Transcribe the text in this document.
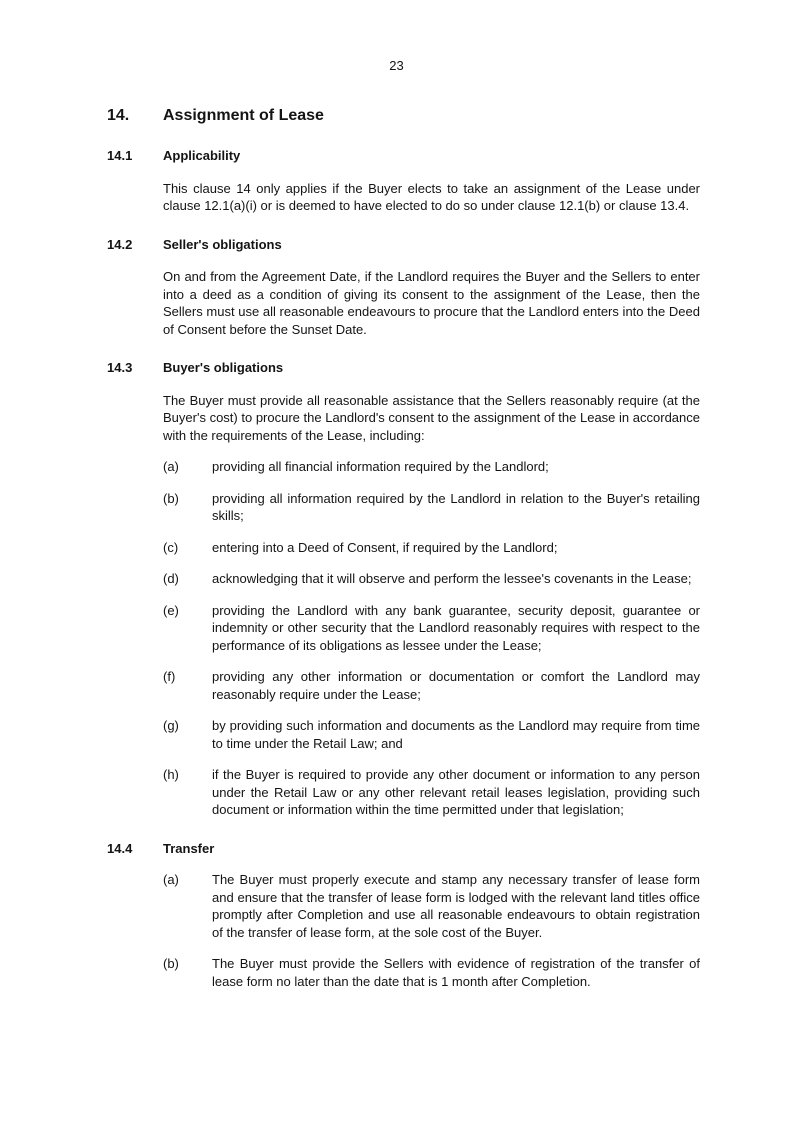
23
14.	Assignment of Lease
14.1	Applicability
This clause 14 only applies if the Buyer elects to take an assignment of the Lease under clause 12.1(a)(i) or is deemed to have elected to do so under clause 12.1(b) or clause 13.4.
14.2	Seller's obligations
On and from the Agreement Date, if the Landlord requires the Buyer and the Sellers to enter into a deed as a condition of giving its consent to the assignment of the Lease, then the Sellers must use all reasonable endeavours to procure that the Landlord enters into the Deed of Consent before the Sunset Date.
14.3	Buyer's obligations
The Buyer must provide all reasonable assistance that the Sellers reasonably require (at the Buyer's cost) to procure the Landlord's consent to the assignment of the Lease in accordance with the requirements of the Lease, including:
(a)	providing all financial information required by the Landlord;
(b)	providing all information required by the Landlord in relation to the Buyer's retailing skills;
(c)	entering into a Deed of Consent, if required by the Landlord;
(d)	acknowledging that it will observe and perform the lessee's covenants in the Lease;
(e)	providing the Landlord with any bank guarantee, security deposit, guarantee or indemnity or other security that the Landlord reasonably requires with respect to the performance of its obligations as lessee under the Lease;
(f)	providing any other information or documentation or comfort the Landlord may reasonably require under the Lease;
(g)	by providing such information and documents as the Landlord may require from time to time under the Retail Law; and
(h)	if the Buyer is required to provide any other document or information to any person under the Retail Law or any other relevant retail leases legislation, providing such document or information within the time permitted under that legislation;
14.4	Transfer
(a)	The Buyer must properly execute and stamp any necessary transfer of lease form and ensure that the transfer of lease form is lodged with the relevant land titles office promptly after Completion and use all reasonable endeavours to obtain registration of the transfer of lease form, at the sole cost of the Buyer.
(b)	The Buyer must provide the Sellers with evidence of registration of the transfer of lease form no later than the date that is 1 month after Completion.
